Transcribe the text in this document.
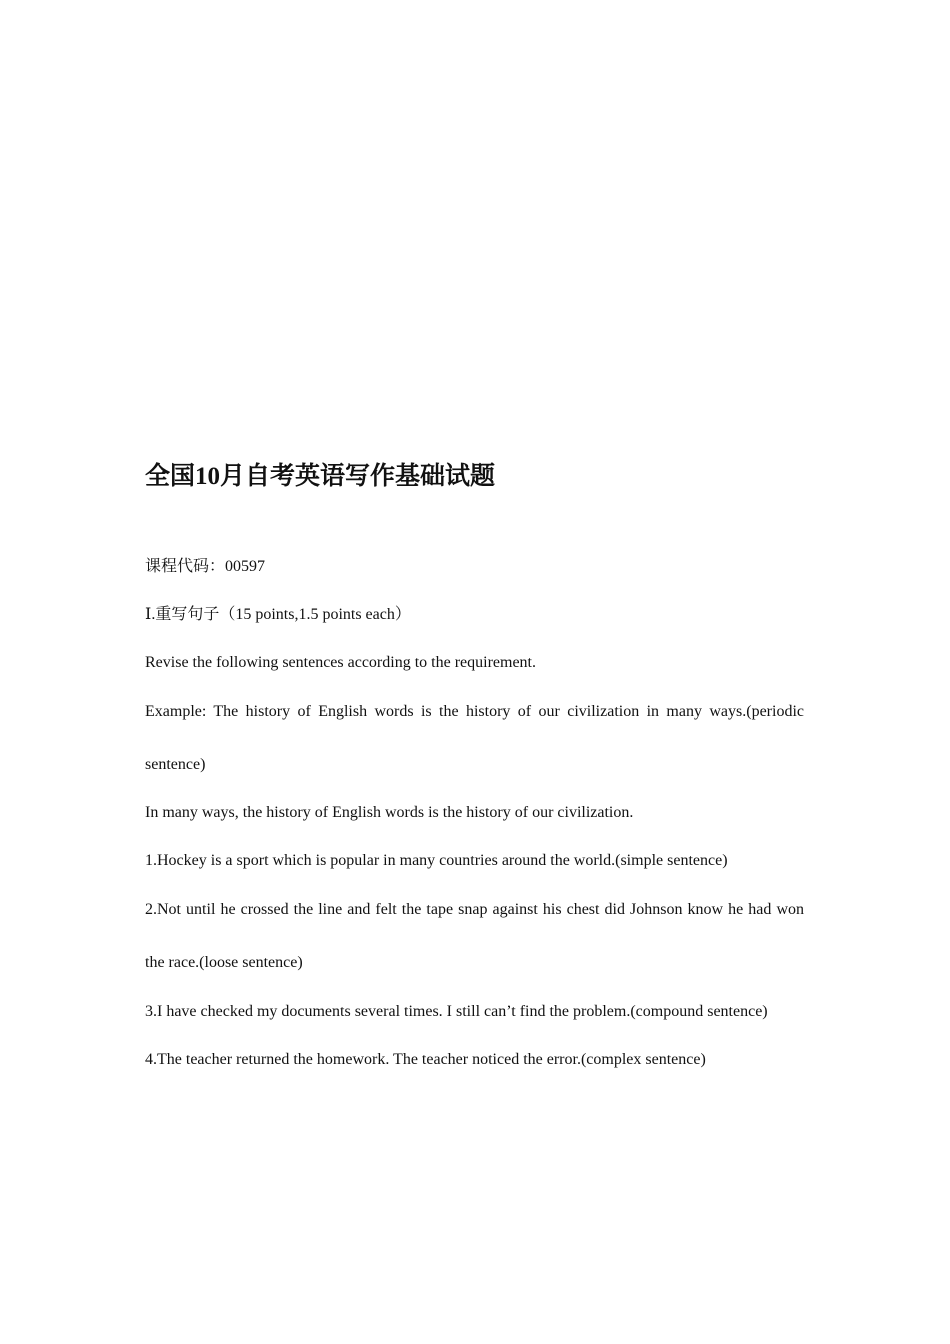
全国10月自考英语写作基础试题

课程代码：00597

Ⅰ.重写句子（15 points,1.5 points each）

Revise the following sentences according to the requirement.

Example: The history of English words is the history of our civilization in many ways.(periodic sentence)

In many ways, the history of English words is the history of our civilization.

1.Hockey is a sport which is popular in many countries around the world.(simple sentence)

2.Not until he crossed the line and felt the tape snap against his chest did Johnson know he had won the race.(loose sentence)

3.I have checked my documents several times. I still can’t find the problem.(compound sentence)

4.The teacher returned the homework. The teacher noticed the error.(complex sentence)
